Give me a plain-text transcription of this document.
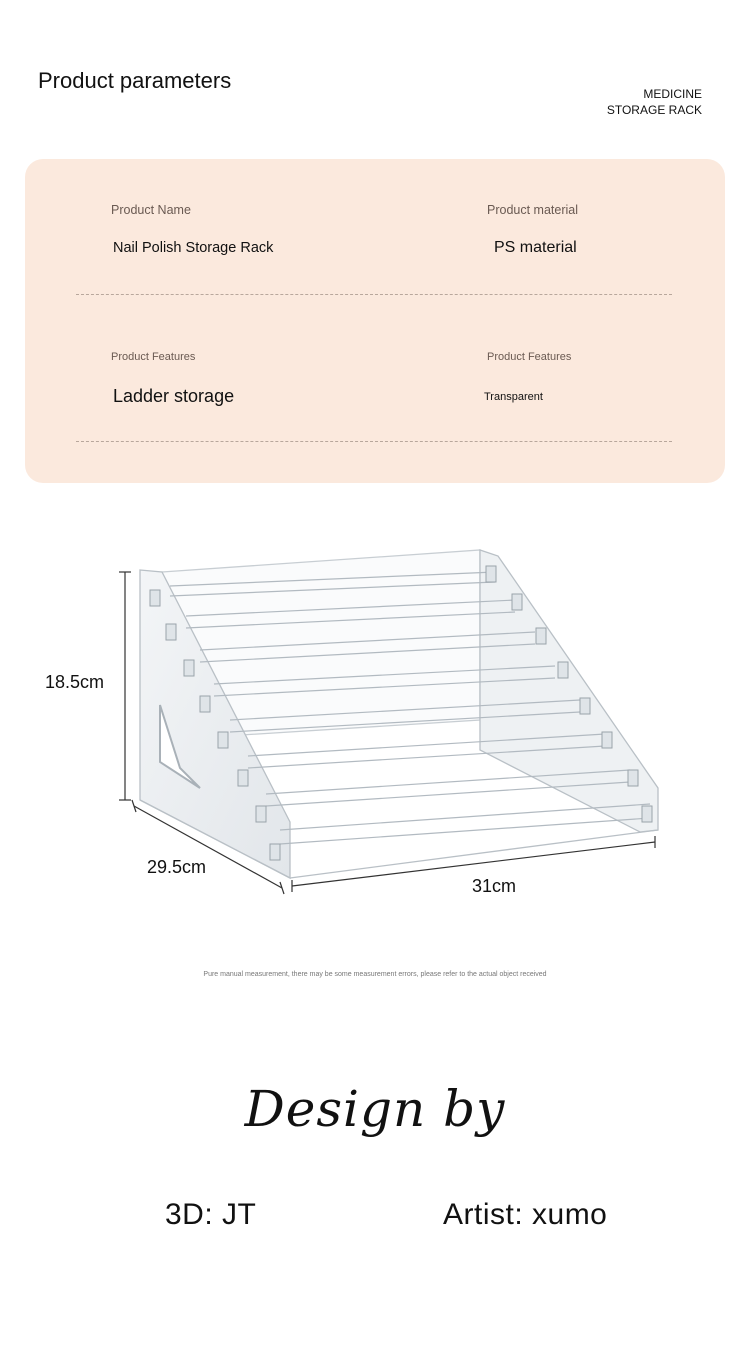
Product parameters
MEDICINE
STORAGE RACK
Product Name
Nail Polish Storage Rack
Product material
PS material
Product Features
Ladder storage
Product Features
Transparent
18.5cm
29.5cm
31cm
Pure manual measurement, there may be some measurement errors, please refer to the actual object received
Design by
3D: JT	Artist: xumo
